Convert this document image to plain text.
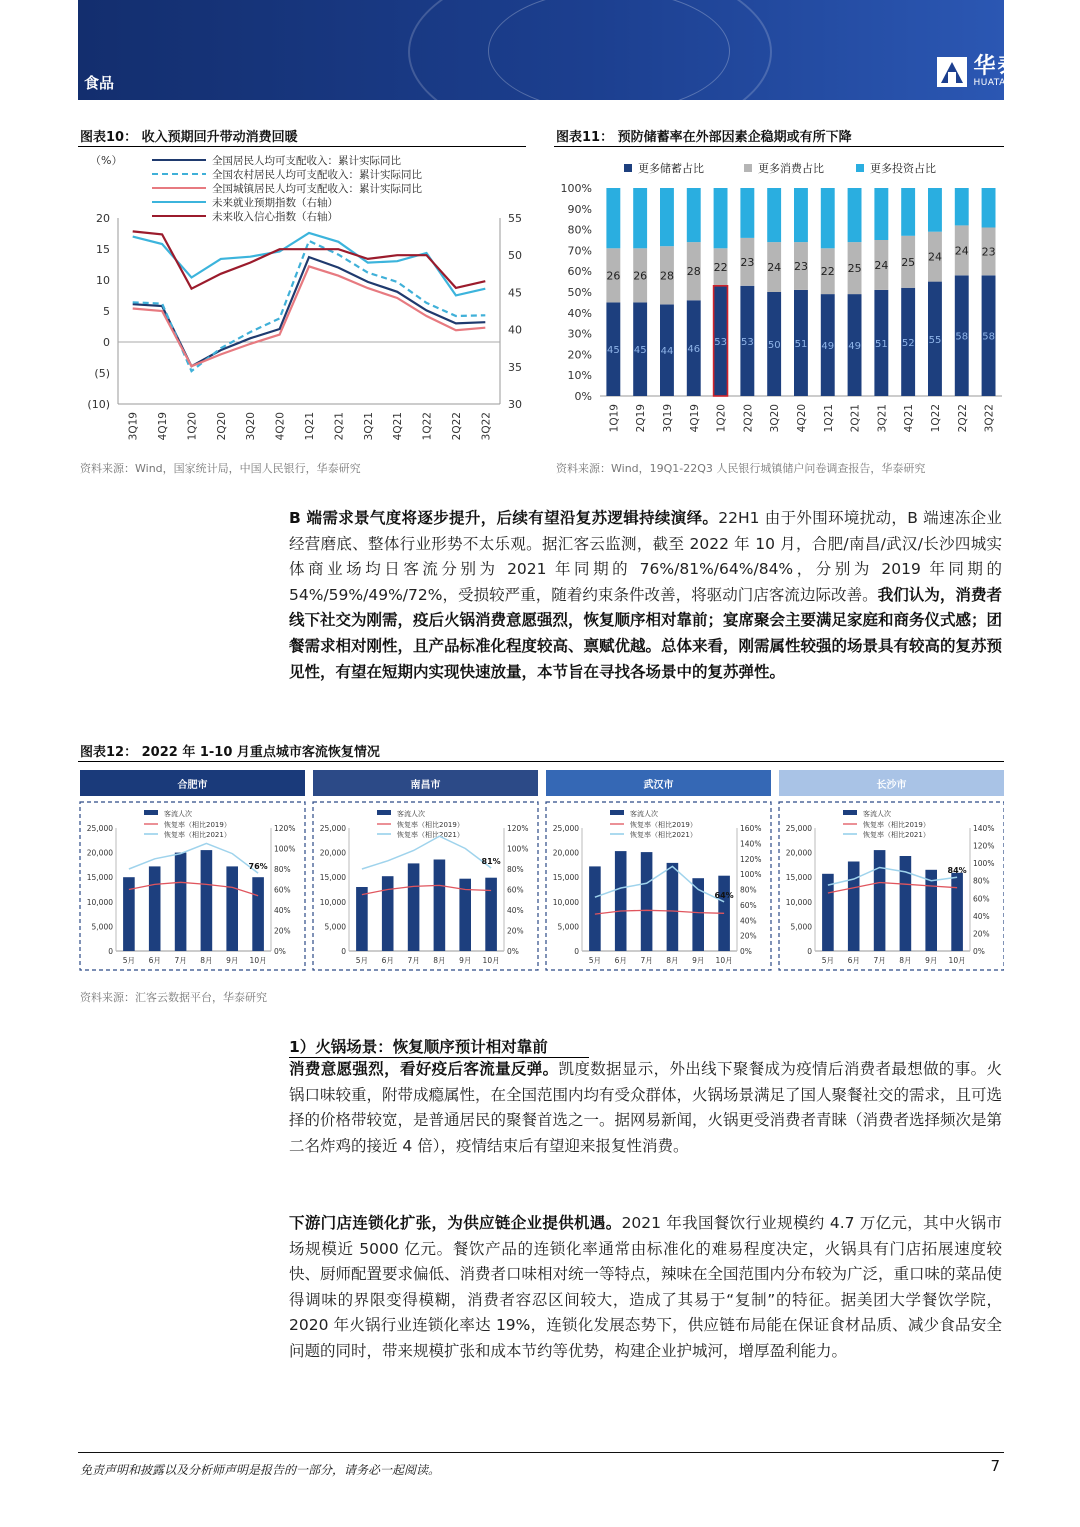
食品
华泰证券
HUATAI SECURITIES
图表10： 收入预期回升带动消费回暖
（%）	全国居民人均可支配收入：累计实际同比
全国农村居民人均可支配收入：累计实际同比
全国城镇居民人均可支配收入：累计实际同比
未来就业预期指数（右轴）
未来收入信心指数（右轴）
20
15
10
5
0
(5)
(10)
55
50
45
40
35
30
3Q19 4Q19 1Q20 2Q20 3Q20 4Q20 1Q21 2Q21 3Q21 4Q21 1Q22 2Q22 3Q22
资料来源：Wind，国家统计局，中国人民银行，华泰研究
图表11： 预防储蓄率在外部因素企稳期或有所下降
更多储蓄占比	更多消费占比	更多投资占比
100%
90%
80%
70%
60%
50%
40%
30%
20%
10%
0%
45
26
1Q19
45
26
2Q19
44
28
3Q19
46
28
4Q19
53
22
1Q20
53
23
2Q20
50
24
3Q20
51
23
4Q20
49
22
1Q21
49
25
2Q21
51
24
3Q21
52
25
4Q21
55
24
1Q22
58
24
2Q22
58
23
3Q22
资料来源：Wind，19Q1-22Q3 人民银行城镇储户问卷调查报告，华泰研究
B 端需求景气度将逐步提升，后续有望沿复苏逻辑持续演绎。22H1 由于外围环境扰动，B 端速冻企业经营磨底、整体行业形势不太乐观。据汇客云监测，截至 2022 年 10 月，合肥/南昌/武汉/长沙四城实体商业场均日客流分别为 2021 年同期的 76%/81%/64%/84%，分别为 2019 年同期的 54%/59%/49%/72%，受损较严重，随着约束条件改善，将驱动门店客流边际改善。我们认为，消费者线下社交为刚需，疫后火锅消费意愿强烈，恢复顺序相对靠前；宴席聚会主要满足家庭和商务仪式感；团餐需求相对刚性，且产品标准化程度较高、禀赋优越。总体来看，刚需属性较强的场景具有较高的复苏预见性，有望在短期内实现快速放量，本节旨在寻找各场景中的复苏弹性。
图表12： 2022 年 1-10 月重点城市客流恢复情况
合肥市
客流人次
恢复率（相比2019）
恢复率（相比2021）
25,000
20,000
15,000
10,000
5,000
0
120%
100%
80%
60%
40%
20%
0%
5月 6月 7月 8月 9月 10月
76%
南昌市
客流人次
恢复率（相比2019）
恢复率（相比2021）
25,000
20,000
15,000
10,000
5,000
0
120%
100%
80%
60%
40%
20%
0%
5月 6月 7月 8月 9月 10月
81%
武汉市
客流人次
恢复率（相比2019）
恢复率（相比2021）
25,000
20,000
15,000
10,000
5,000
0
160%
140%
120%
100%
80%
60%
40%
20%
0%
5月 6月 7月 8月 9月 10月
64%
长沙市
客流人次
恢复率（相比2019）
恢复率（相比2021）
25,000
20,000
15,000
10,000
5,000
0
140%
120%
100%
80%
60%
40%
20%
0%
5月 6月 7月 8月 9月 10月
84%
资料来源：汇客云数据平台，华泰研究
1）火锅场景：恢复顺序预计相对靠前
消费意愿强烈，看好疫后客流量反弹。凯度数据显示，外出线下聚餐成为疫情后消费者最想做的事。火锅口味较重，附带成瘾属性，在全国范围内均有受众群体，火锅场景满足了国人聚餐社交的需求，且可选择的价格带较宽，是普通居民的聚餐首选之一。据网易新闻，火锅更受消费者青睐（消费者选择频次是第二名炸鸡的接近 4 倍），疫情结束后有望迎来报复性消费。
下游门店连锁化扩张，为供应链企业提供机遇。2021 年我国餐饮行业规模约 4.7 万亿元，其中火锅市场规模近 5000 亿元。餐饮产品的连锁化率通常由标准化的难易程度决定，火锅具有门店拓展速度较快、厨师配置要求偏低、消费者口味相对统一等特点，辣味在全国范围内分布较为广泛，重口味的菜品使得调味的界限变得模糊，消费者容忍区间较大，造成了其易于“复制”的特征。据美团大学餐饮学院，2020 年火锅行业连锁化率达 19%，连锁化发展态势下，供应链布局能在保证食材品质、减少食品安全问题的同时，带来规模扩张和成本节约等优势，构建企业护城河，增厚盈利能力。
免责声明和披露以及分析师声明是报告的一部分，请务必一起阅读。	7
